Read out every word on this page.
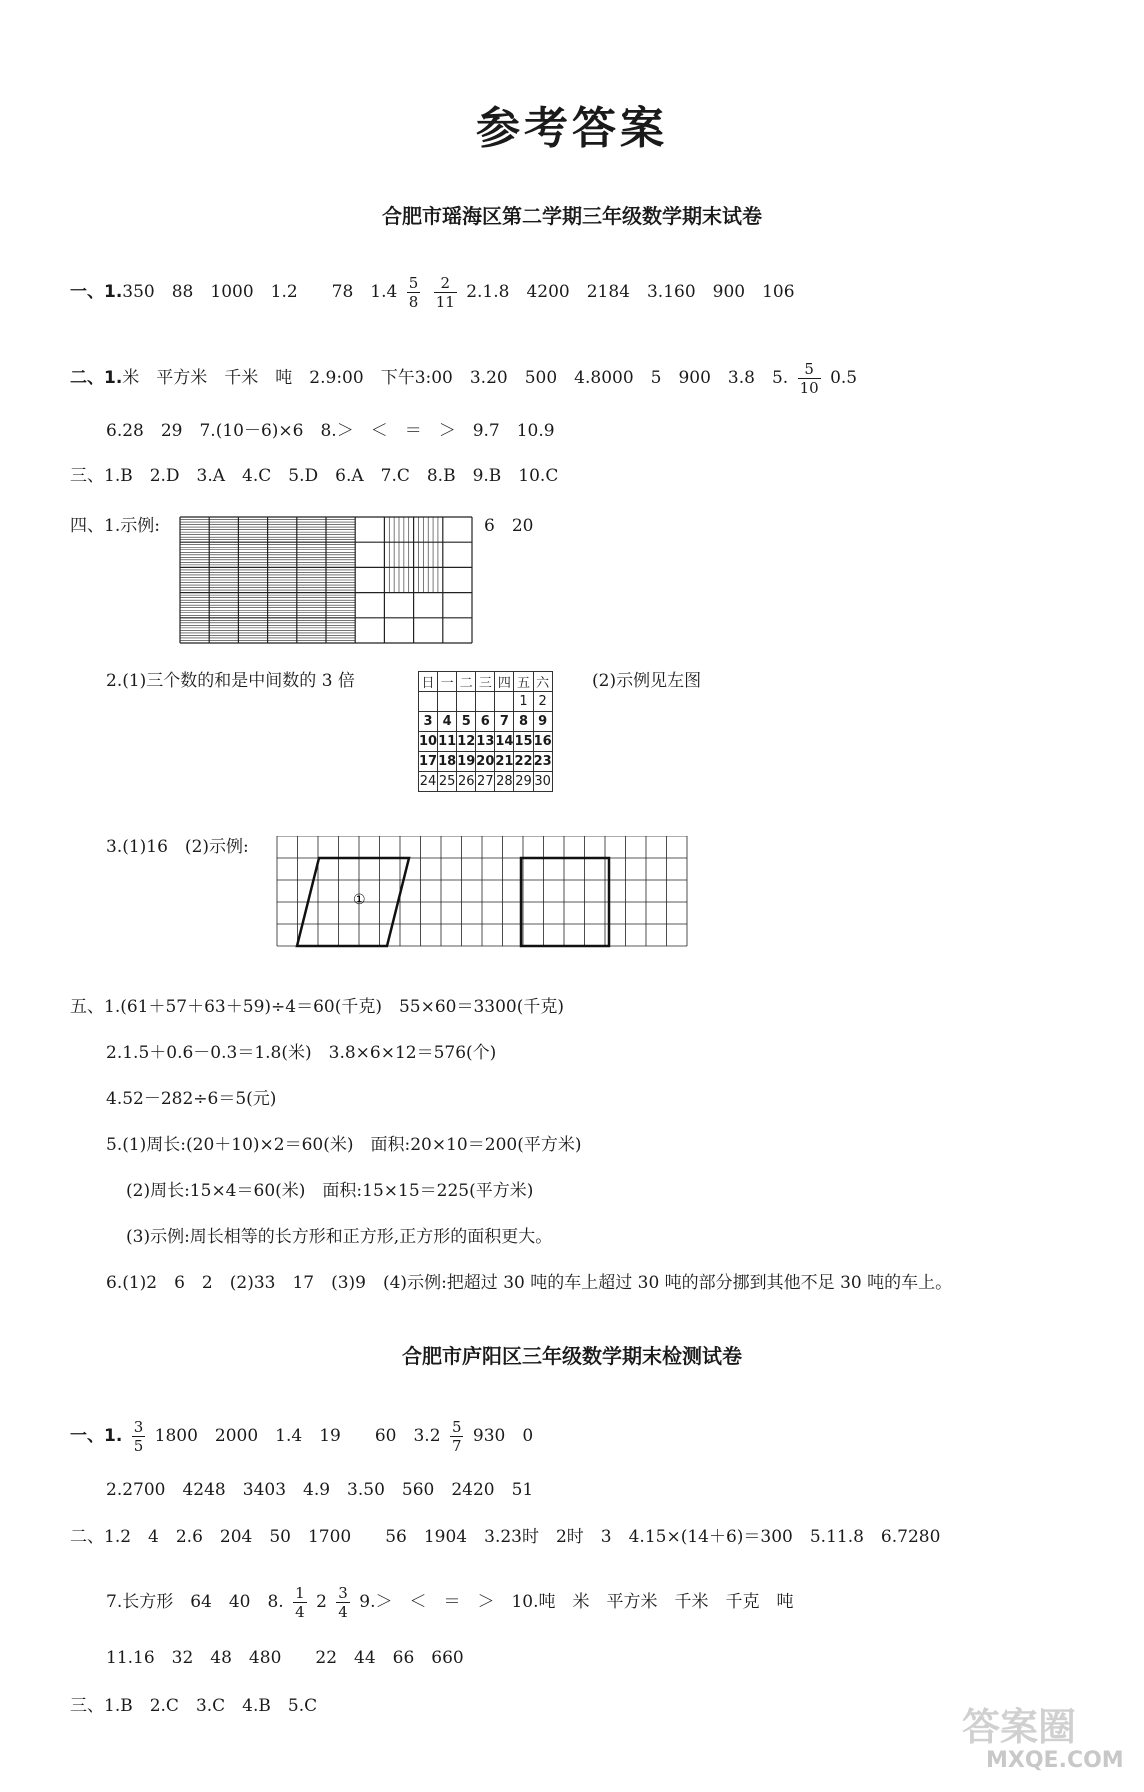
参考答案
合肥市瑶海区第二学期三年级数学期末试卷
一、1.350　88　1000　1.2　　78　$1.4 \frac{5}{8}$
$\frac{2}{11} 2.1.8$　4200　2184　3.160　900　106
二、1.米　平方米　千米　吨　2.9:00　下午3:00　3.20　500　4.8000　5　900　3.8　5. $\frac{5}{10} 0.5$
6.28　29　7.(10－6)×6　8.＞　＜　＝　＞　9.7　10.9
三、1.B　2.D　3.A　4.C　5.D　6.A　7.C　8.B　9.B　10.C
四、1.示例:	6　20
2.(1)三个数的和是中间数的 3 倍	日	一	二	三	四	五	六
					1	2
3	4	5	6	7	8	9
10	11	12	13	14	15	16
17	18	19	20	21	22	23
24	25	26	27	28	29	30
(2)示例见左图
3.(1)16　(2)示例:
①
五、1.(61＋57＋63＋59)÷4＝60(千克)　55×60＝3300(千克)
2.1.5＋0.6－0.3＝1.8(米)　3.8×6×12＝576(个)
4.52－282÷6＝5(元)
5.(1)周长:(20＋10)×2＝60(米)　面积:20×10＝200(平方米)
(2)周长:15×4＝60(米)　面积:15×15＝225(平方米)
(3)示例:周长相等的长方形和正方形,正方形的面积更大。
6.(1)2　6　2　(2)33　17　(3)9　(4)示例:把超过 30 吨的车上超过 30 吨的部分挪到其他不足 30 吨的车上。
合肥市庐阳区三年级数学期末检测试卷
一、1. $\frac{3}{5} 1800$　2000　1.4　19　　60　$3.2 \frac{5}{7} 930$　0
2.2700　4248　3403　4.9　3.50　560　2420　51
二、1.2　4　2.6　204　50　1700　　56　1904　3.23时　2时　3　4.15×(14＋6)＝300　5.11.8　6.7280
7.长方形　64　40　8. $\frac{1}{4} 2 \frac{3}{4} 9.>$　＜　＝　＞　10.吨　米　平方米　千米　千克　吨
11.16　32　48　480　　22　44　66　660
三、1.B　2.C　3.C　4.B　5.C	答案圈
MXQE.COM
